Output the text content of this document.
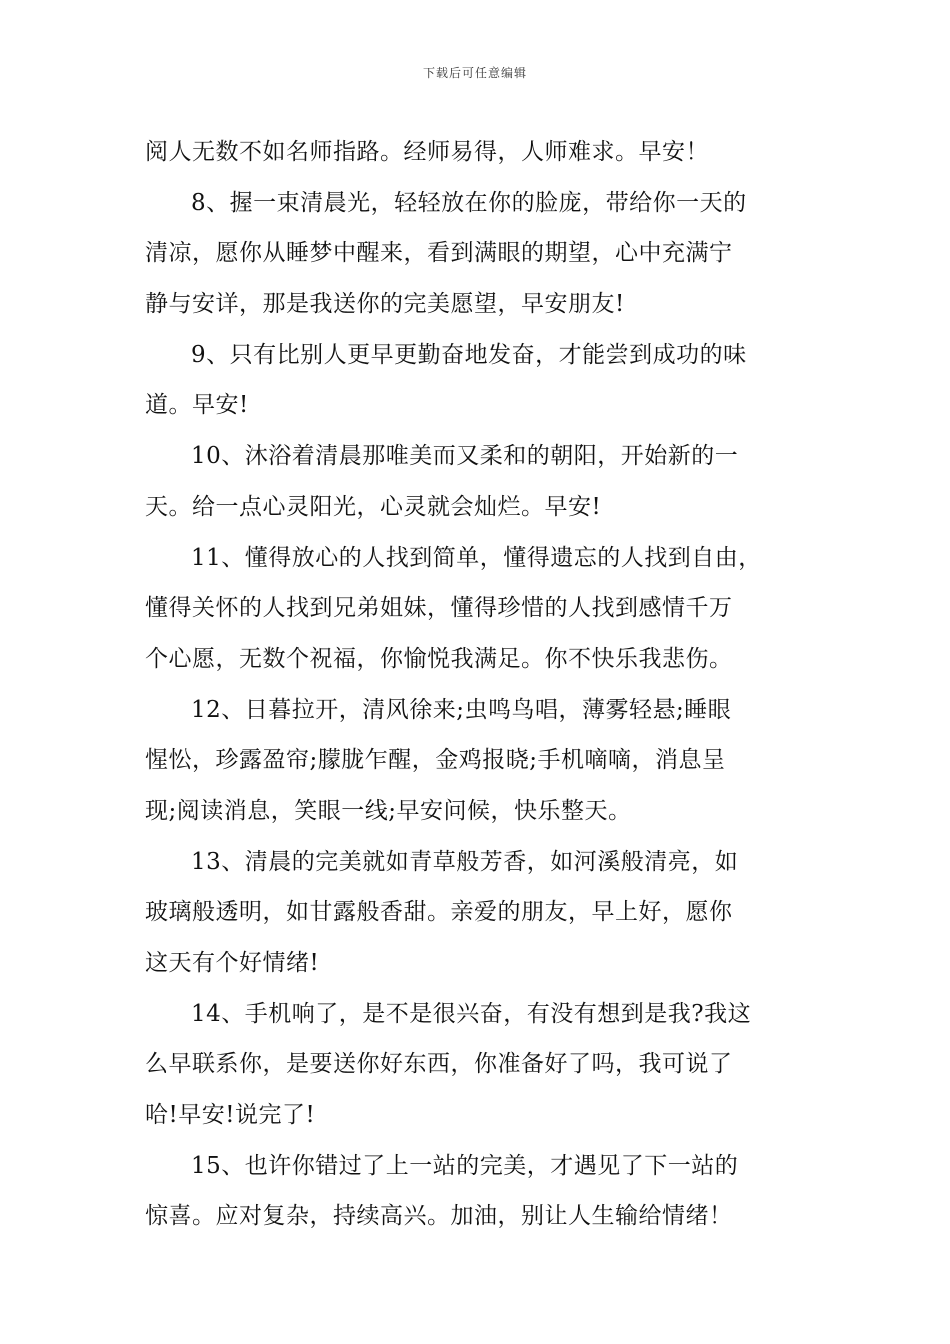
下载后可任意编辑
阅人无数不如名师指路。经师易得，人师难求。早安！
8、握一束清晨光，轻轻放在你的脸庞，带给你一天的
清凉，愿你从睡梦中醒来，看到满眼的期望，心中充满宁
静与安详，那是我送你的完美愿望，早安朋友!
9、只有比别人更早更勤奋地发奋，才能尝到成功的味
道。早安!
10、沐浴着清晨那唯美而又柔和的朝阳，开始新的一
天。给一点心灵阳光，心灵就会灿烂。早安!
11、懂得放心的人找到简单，懂得遗忘的人找到自由，
懂得关怀的人找到兄弟姐妹，懂得珍惜的人找到感情千万
个心愿，无数个祝福，你愉悦我满足。你不快乐我悲伤。
12、日暮拉开，清风徐来;虫鸣鸟唱，薄雾轻悬;睡眼
惺忪，珍露盈帘;朦胧乍醒，金鸡报晓;手机嘀嘀，消息呈
现;阅读消息，笑眼一线;早安问候，快乐整天。
13、清晨的完美就如青草般芳香，如河溪般清亮，如
玻璃般透明，如甘露般香甜。亲爱的朋友，早上好，愿你
这天有个好情绪!
14、手机响了，是不是很兴奋，有没有想到是我?我这
么早联系你，是要送你好东西，你准备好了吗，我可说了
哈!早安!说完了!
15、也许你错过了上一站的完美，才遇见了下一站的
惊喜。应对复杂，持续高兴。加油，别让人生输给情绪！
